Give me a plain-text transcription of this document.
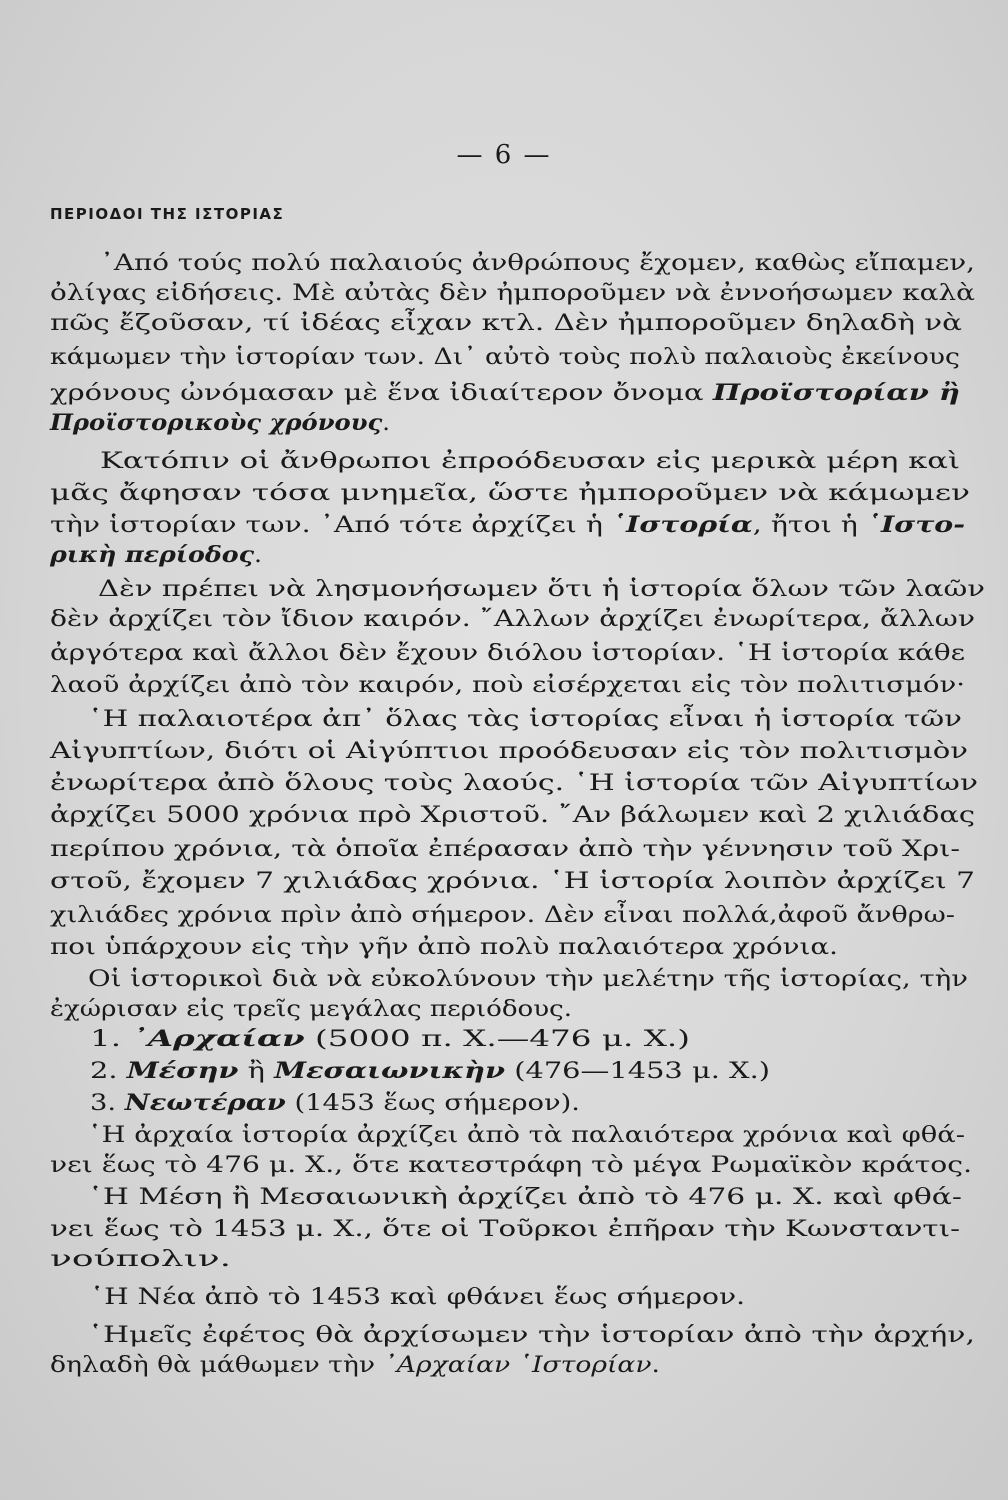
— 6 —
ΠΕΡΙΟΔΟΙ ΤΗΣ ΙΣΤΟΡΙΑΣ
᾿Από τούς πολύ παλαιούς ἀνθρώπους ἔχομεν, καθὼς εἴπαμεν,
ὀλίγας εἰδήσεις. Μὲ αὐτὰς δὲν ἠμποροῦμεν νὰ ἐννοήσωμεν καλὰ
πῶς ἔζοῦσαν, τί ἰδέας εἶχαν κτλ. Δὲν ἠμποροῦμεν δηλαδὴ νὰ
κάμωμεν τὴν ἱστορίαν των. Δι᾿ αὐτὸ τοὺς πολὺ παλαιοὺς ἐκείνους
χρόνους ὠνόμασαν μὲ ἕνα ἰδιαίτερον ὄνομα Προϊστορίαν ἢ
Προϊστορικοὺς χρόνους.
Κατόπιν οἱ ἄνθρωποι ἐπροόδευσαν εἰς μερικὰ μέρη καὶ
μᾶς ἄφησαν τόσα μνημεῖα, ὥστε ἠμποροῦμεν νὰ κάμωμεν
τὴν ἱστορίαν των. ᾿Από τότε ἀρχίζει ἡ ῾Ιστορία, ἤτοι ἡ ῾Ιστο-
ρικὴ περίοδος.
Δὲν πρέπει νὰ λησμονήσωμεν ὅτι ἡ ἱστορία ὅλων τῶν λαῶν
δὲν ἀρχίζει τὸν ἴδιον καιρόν. ῎Αλλων ἀρχίζει ἐνωρίτερα, ἄλλων
ἀργότερα καὶ ἄλλοι δὲν ἔχουν διόλου ἱστορίαν. ῾Η ἱστορία κάθε
λαοῦ ἀρχίζει ἀπὸ τὸν καιρόν, ποὺ εἰσέρχεται εἰς τὸν πολιτισμόν·
῾Η παλαιοτέρα ἀπ᾿ ὅλας τὰς ἱστορίας εἶναι ἡ ἱστορία τῶν
Αἰγυπτίων, διότι οἱ Αἰγύπτιοι προόδευσαν εἰς τὸν πολιτισμὸν
ἐνωρίτερα ἀπὸ ὅλους τοὺς λαούς. ῾Η ἱστορία τῶν Αἰγυπτίων
ἀρχίζει 5000 χρόνια πρὸ Χριστοῦ. ῎Αν βάλωμεν καὶ 2 χιλιάδας
περίπου χρόνια, τὰ ὁποῖα ἐπέρασαν ἀπὸ τὴν γέννησιν τοῦ Χρι-
στοῦ, ἔχομεν 7 χιλιάδας χρόνια. ῾Η ἱστορία λοιπὸν ἀρχίζει 7
χιλιάδες χρόνια πρὶν ἀπὸ σήμερον. Δὲν εἶναι πολλά,ἀφοῦ ἄνθρω-
ποι ὑπάρχουν εἰς τὴν γῆν ἀπὸ πολὺ παλαιότερα χρόνια.
Οἱ ἱστορικοὶ διὰ νὰ εὐκολύνουν τὴν μελέτην τῆς ἱστορίας, τὴν
ἐχώρισαν εἰς τρεῖς μεγάλας περιόδους.
1. ᾿Αρχαίαν (5000 π. Χ.—476 μ. Χ.)
2. Μέσην ἢ Μεσαιωνικὴν (476—1453 μ. Χ.)
3. Νεωτέραν (1453 ἕως σήμερον).
῾Η ἀρχαία ἱστορία ἀρχίζει ἀπὸ τὰ παλαιότερα χρόνια καὶ φθά-
νει ἕως τὸ 476 μ. Χ., ὅτε κατεστράφη τὸ μέγα Ρωμαϊκὸν κράτος.
῾Η Μέση ἢ Μεσαιωνικὴ ἀρχίζει ἀπὸ τὸ 476 μ. Χ. καὶ φθά-
νει ἕως τὸ 1453 μ. Χ., ὅτε οἱ Τοῦρκοι ἐπῆραν τὴν Κωνσταντι-
νούπολιν.
῾Η Νέα ἀπὸ τὸ 1453 καὶ φθάνει ἕως σήμερον.
῾Ημεῖς ἐφέτος θὰ ἀρχίσωμεν τὴν ἱστορίαν ἀπὸ τὴν ἀρχήν,
δηλαδὴ θὰ μάθωμεν τὴν ᾿Αρχαίαν ῾Ιστορίαν.
